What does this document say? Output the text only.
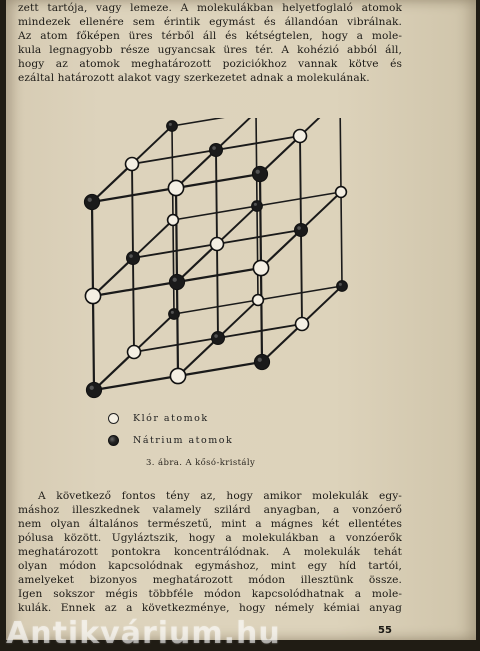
zett tartója, vagy lemeze. A molekulákban helyetfoglaló atomok
mindezek ellenére sem érintik egymást és állandóan vibrálnak.
Az atom főképen üres térből áll és kétségtelen, hogy a mole-
kula legnagyobb része ugyancsak üres tér. A kohézió abból áll,
hogy az atomok meghatározott poziciókhoz vannak kötve és
ezáltal határozott alakot vagy szerkezetet adnak a molekulának.
Klór atomok
Nátrium atomok
3. ábra. A kősó-kristály
A következő fontos tény az, hogy amikor molekulák egy-
máshoz illeszkednek valamely szilárd anyagban, a vonzóerő
nem olyan általános természetű, mint a mágnes két ellentétes
pólusa között. Ugyláztszik, hogy a molekulákban a vonzóerők
meghatározott pontokra koncentrálódnak. A molekulák tehát
olyan módon kapcsolódnak egymáshoz, mint egy híd tartói,
amelyeket bizonyos meghatározott módon illesztünk össze.
Igen sokszor mégis többféle módon kapcsolódhatnak a mole-
kulák. Ennek az a következménye, hogy némely kémiai anyag
55
Antikvárium.hu
